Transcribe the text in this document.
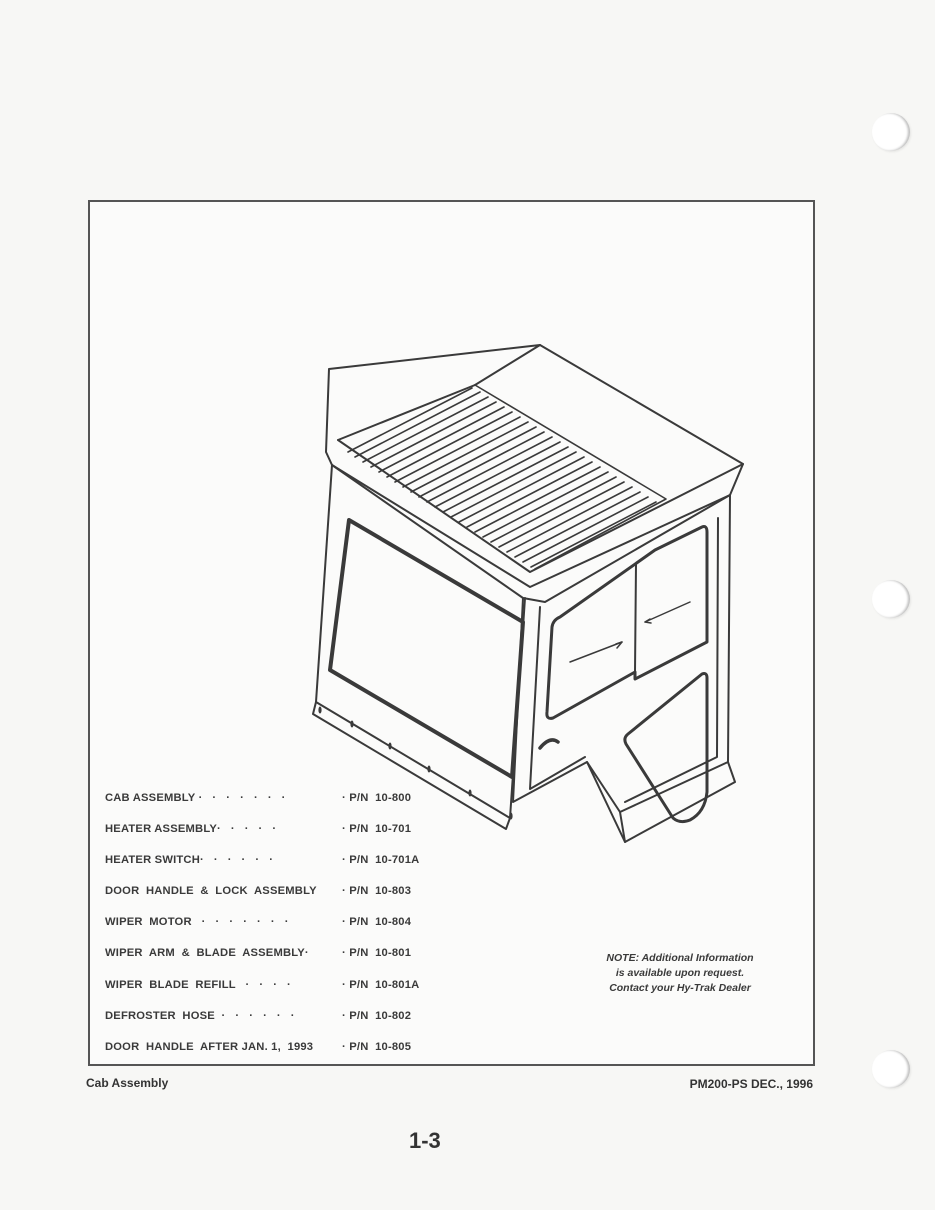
CAB ASSEMBLY ·   ·   ·   ·   ·   ·   ·	· P/N  10-800
HEATER ASSEMBLY·   ·   ·   ·   ·	· P/N  10-701
HEATER SWITCH·   ·   ·   ·   ·   ·	· P/N  10-701A
DOOR  HANDLE  &  LOCK  ASSEMBLY · P/N  10-803
WIPER  MOTOR   ·   ·   ·   ·   ·   ·   ·	· P/N  10-804
WIPER  ARM  &  BLADE  ASSEMBLY·	· P/N  10-801
WIPER  BLADE  REFILL   ·   ·   ·   ·	· P/N  10-801A
DEFROSTER  HOSE  ·   ·   ·   ·   ·   ·	· P/N  10-802
DOOR  HANDLE  AFTER JAN. 1,  1993	· P/N  10-805
NOTE: Additional Information
is available upon request.
Contact your Hy-Trak Dealer
Cab Assembly	PM200-PS DEC., 1996
1-3
